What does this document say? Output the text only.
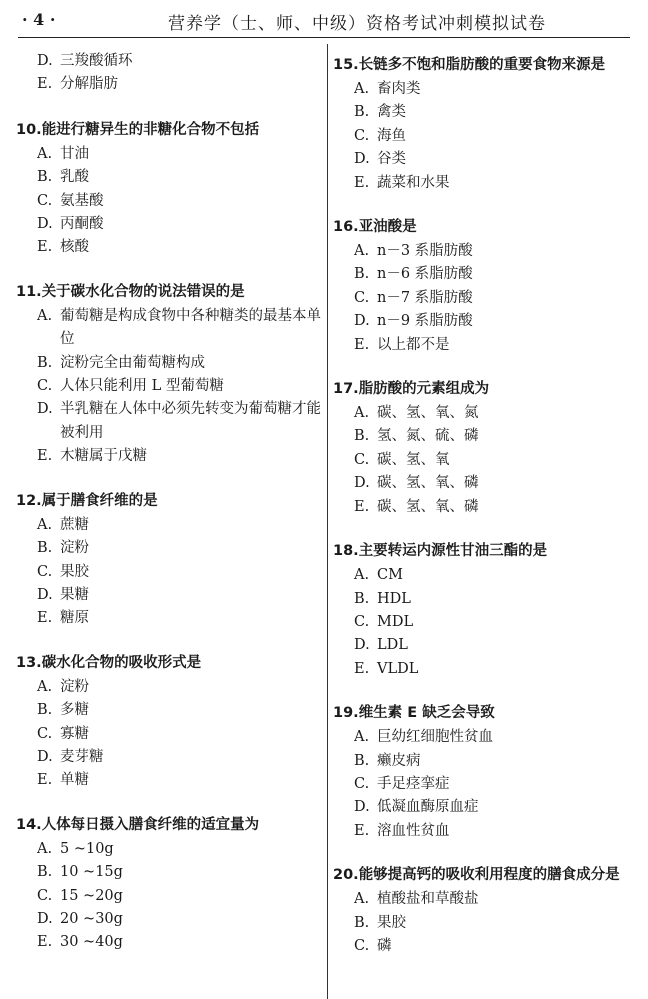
· 4 ·	营养学（士、师、中级）资格考试冲刺模拟试卷
D. 三羧酸循环
E. 分解脂肪
10. 能进行糖异生的非糖化合物不包括
A. 甘油
B. 乳酸
C. 氨基酸
D. 丙酮酸
E. 核酸
11. 关于碳水化合物的说法错误的是
A. 葡萄糖是构成食物中各种糖类的最基本单位
B. 淀粉完全由葡萄糖构成
C. 人体只能利用 L 型葡萄糖
D. 半乳糖在人体中必须先转变为葡萄糖才能被利用
E. 木糖属于戊糖
12. 属于膳食纤维的是
A. 蔗糖
B. 淀粉
C. 果胶
D. 果糖
E. 糖原
13. 碳水化合物的吸收形式是
A. 淀粉
B. 多糖
C. 寡糖
D. 麦芽糖
E. 单糖
14. 人体每日摄入膳食纤维的适宜量为
A. 5 ~10g
B. 10 ~15g
C. 15 ~20g
D. 20 ~30g
E. 30 ~40g
15. 长链多不饱和脂肪酸的重要食物来源是
A. 畜肉类
B. 禽类
C. 海鱼
D. 谷类
E. 蔬菜和水果
16. 亚油酸是
A. n－3 系脂肪酸
B. n－6 系脂肪酸
C. n－7 系脂肪酸
D. n－9 系脂肪酸
E. 以上都不是
17. 脂肪酸的元素组成为
A. 碳、氢、氧、氮
B. 氢、氮、硫、磷
C. 碳、氢、氧
D. 碳、氢、氧、磷
E. 碳、氢、氧、磷
18. 主要转运内源性甘油三酯的是
A. CM
B. HDL
C. MDL
D. LDL
E. VLDL
19. 维生素 E 缺乏会导致
A. 巨幼红细胞性贫血
B. 癞皮病
C. 手足痉挛症
D. 低凝血酶原血症
E. 溶血性贫血
20. 能够提高钙的吸收利用程度的膳食成分是
A. 植酸盐和草酸盐
B. 果胶
C. 磷
